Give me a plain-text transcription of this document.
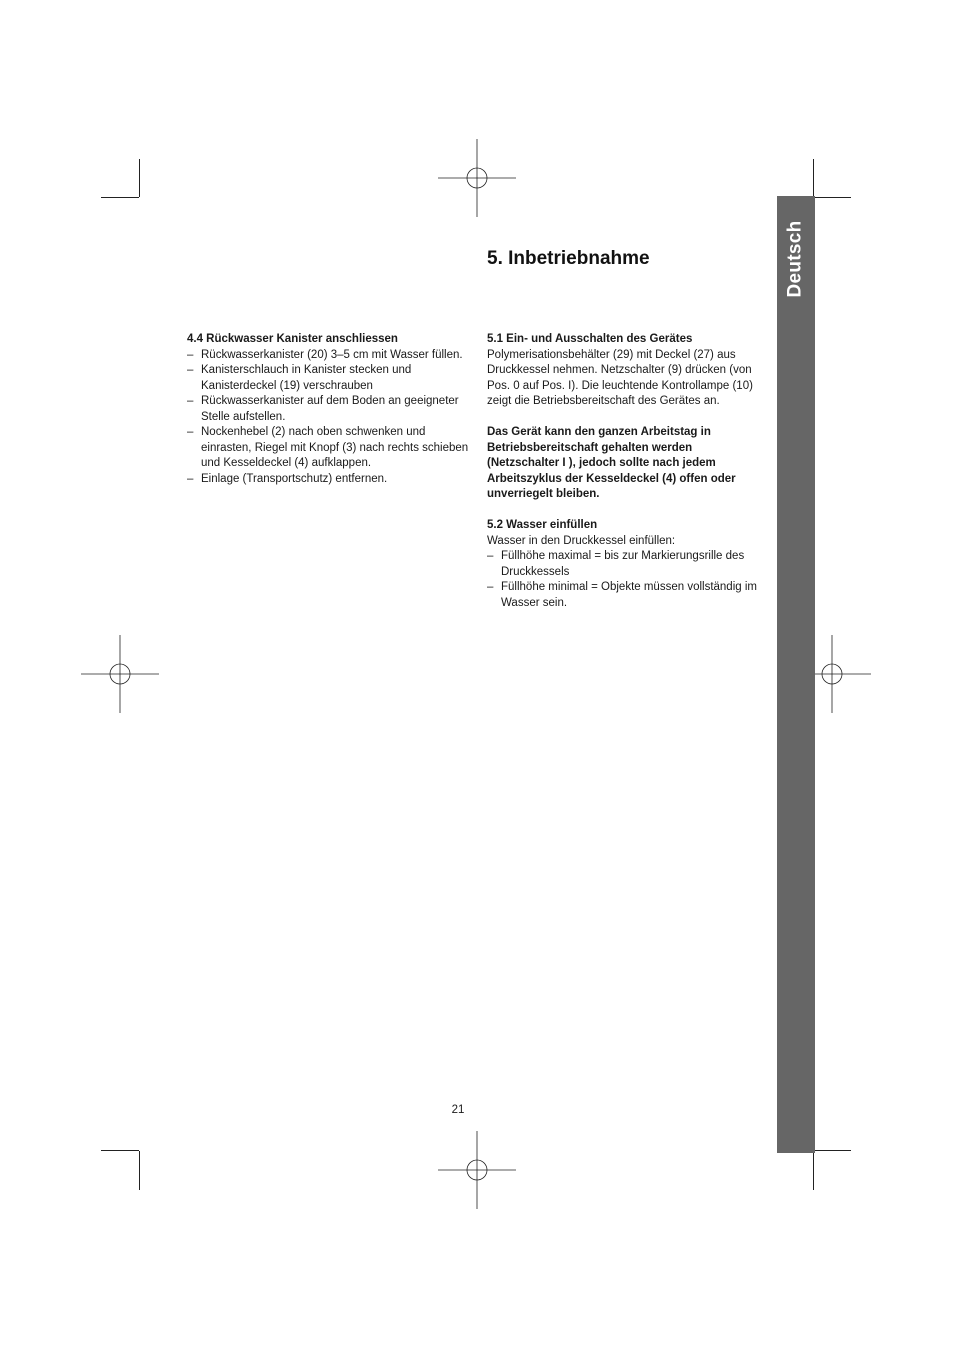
Deutsch
5. Inbetriebnahme

4.4 Rückwasser Kanister anschliessen

– Rückwasserkanister (20) 3–5 cm mit Wasser füllen.
– Kanisterschlauch in Kanister stecken und Kanisterdeckel (19) verschrauben
– Rückwasserkanister auf dem Boden an geeigneter Stelle aufstellen.
– Nockenhebel (2) nach oben schwenken und einrasten, Riegel mit Knopf (3) nach rechts schieben und Kesseldeckel (4) aufklappen.
– Einlage (Transportschutz) entfernen.

5.1 Ein- und Ausschalten des Gerätes

Polymerisationsbehälter (29) mit Deckel (27) aus Druckkessel nehmen. Netzschalter (9) drücken (von Pos. 0 auf Pos. I). Die leuchtende Kontrollampe (10) zeigt die Betriebsbereitschaft des Gerätes an.

Das Gerät kann den ganzen Arbeitstag in Betriebsbereitschaft gehalten werden (Netzschalter I ), jedoch sollte nach jedem Arbeitszyklus der Kesseldeckel (4) offen oder unverriegelt bleiben.

5.2 Wasser einfüllen

Wasser in den Druckkessel einfüllen:

– Füllhöhe maximal = bis zur Markierungsrille des Druckkessels
– Füllhöhe minimal = Objekte müssen vollständig im Wasser sein.
21
